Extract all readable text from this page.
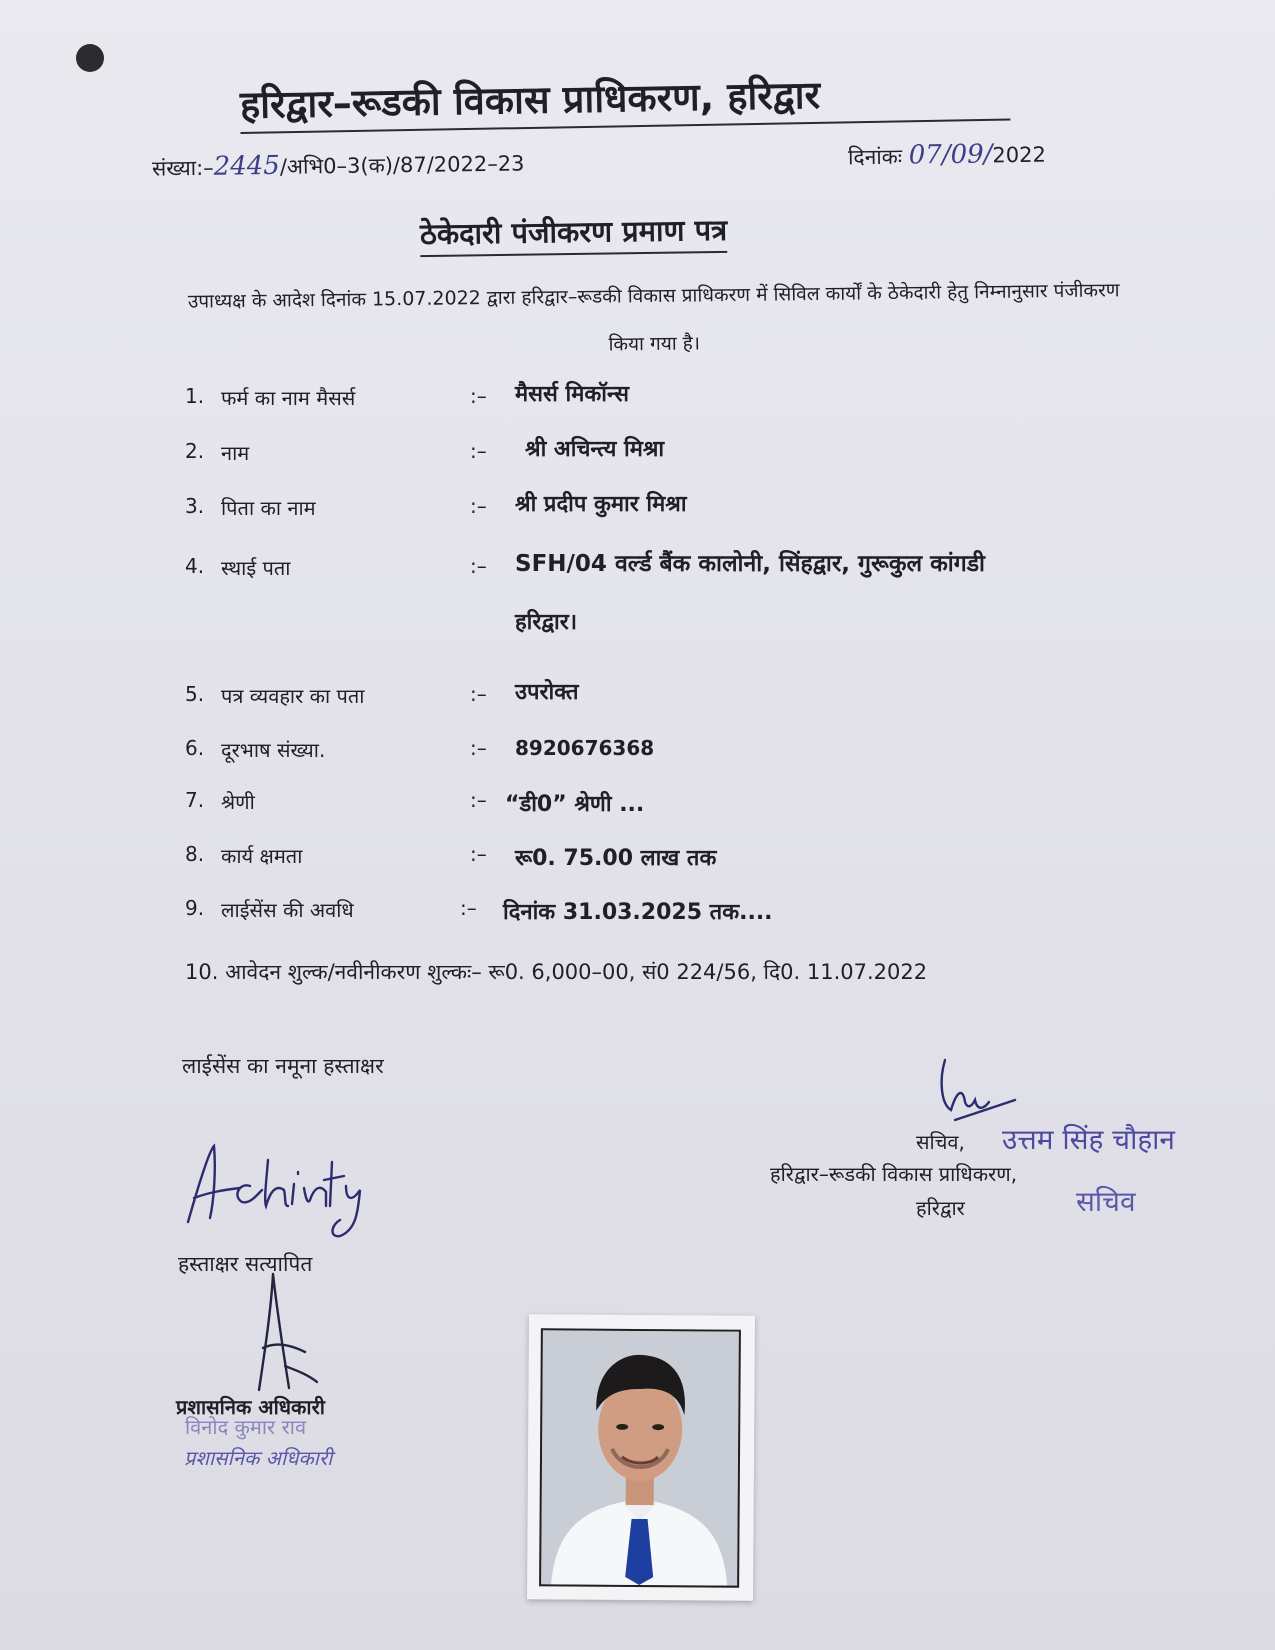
हरिद्वार–रूडकी विकास प्राधिकरण, हरिद्वार
संख्या:–2445/अभि0–3(क)/87/2022–23	दिनांकः 07/09/2022
ठेकेदारी पंजीकरण प्रमाण पत्र
उपाध्यक्ष के आदेश दिनांक 15.07.2022 द्वारा हरिद्वार–रूडकी विकास प्राधिकरण में सिविल कार्यों के ठेकेदारी हेतु निम्नानुसार पंजीकरण किया गया है।
1. फर्म का नाम मैसर्स	:– मैसर्स मिकॉन्स
2. नाम	:– श्री अचिन्त्य मिश्रा
3. पिता का नाम	:– श्री प्रदीप कुमार मिश्रा
4. स्थाई पता	:– SFH/04 वर्ल्ड बैंक कालोनी, सिंहद्वार, गुरूकुल कांगडी
हरिद्वार।
5. पत्र व्यवहार का पता	:– उपरोक्त
6. दूरभाष संख्या.	:– 8920676368
7. श्रेणी	:– “डी0” श्रेणी ...
8. कार्य क्षमता	:– रू0. 75.00 लाख तक
9. लाईसेंस की अवधि	:– दिनांक 31.03.2025 तक....
10. आवेदन शुल्क/नवीनीकरण शुल्कः– रू0. 6,000–00, सं0 224/56, दि0. 11.07.2022
लाईसेंस का नमूना हस्ताक्षर
हस्ताक्षर सत्यापित
विनोद कुमार राव
प्रशासनिक अधिकारी
प्रशासनिक अधिकारी
सचिव, उत्तम सिंह चौहान
हरिद्वार–रूडकी विकास प्राधिकरण,
हरिद्वार	सचिव
